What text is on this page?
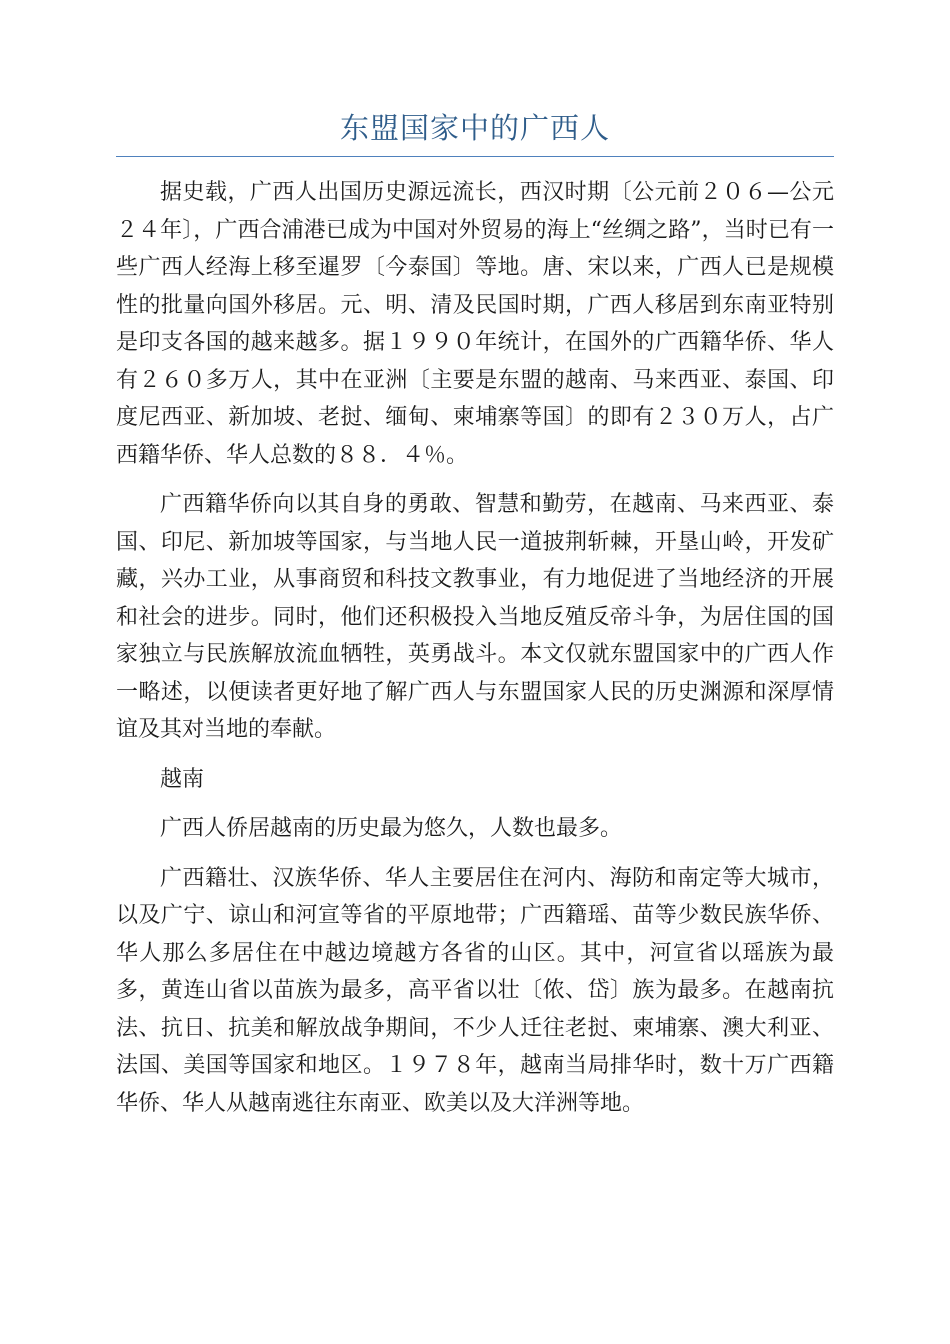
东盟国家中的广西人

据史载，广西人出国历史源远流长，西汉时期〔公元前２０６—公元２４年〕，广西合浦港已成为中国对外贸易的海上“丝绸之路”，当时已有一些广西人经海上移至暹罗〔今泰国〕等地。唐、宋以来，广西人已是规模性的批量向国外移居。元、明、清及民国时期，广西人移居到东南亚特别是印支各国的越来越多。据１９９０年统计，在国外的广西籍华侨、华人有２６０多万人，其中在亚洲〔主要是东盟的越南、马来西亚、泰国、印度尼西亚、新加坡、老挝、缅甸、柬埔寨等国〕的即有２３０万人，占广西籍华侨、华人总数的８８．４％。

广西籍华侨向以其自身的勇敢、智慧和勤劳，在越南、马来西亚、泰国、印尼、新加坡等国家，与当地人民一道披荆斩棘，开垦山岭，开发矿藏，兴办工业，从事商贸和科技文教事业，有力地促进了当地经济的开展和社会的进步。同时，他们还积极投入当地反殖反帝斗争，为居住国的国家独立与民族解放流血牺牲，英勇战斗。本文仅就东盟国家中的广西人作一略述，以便读者更好地了解广西人与东盟国家人民的历史渊源和深厚情谊及其对当地的奉献。

越南

广西人侨居越南的历史最为悠久，人数也最多。

广西籍壮、汉族华侨、华人主要居住在河内、海防和南定等大城市，以及广宁、谅山和河宣等省的平原地带；广西籍瑶、苗等少数民族华侨、华人那么多居住在中越边境越方各省的山区。其中，河宣省以瑶族为最多，黄连山省以苗族为最多，高平省以壮〔侬、岱〕族为最多。在越南抗法、抗日、抗美和解放战争期间，不少人迁往老挝、柬埔寨、澳大利亚、法国、美国等国家和地区。１９７８年，越南当局排华时，数十万广西籍华侨、华人从越南逃往东南亚、欧美以及大洋洲等地。
